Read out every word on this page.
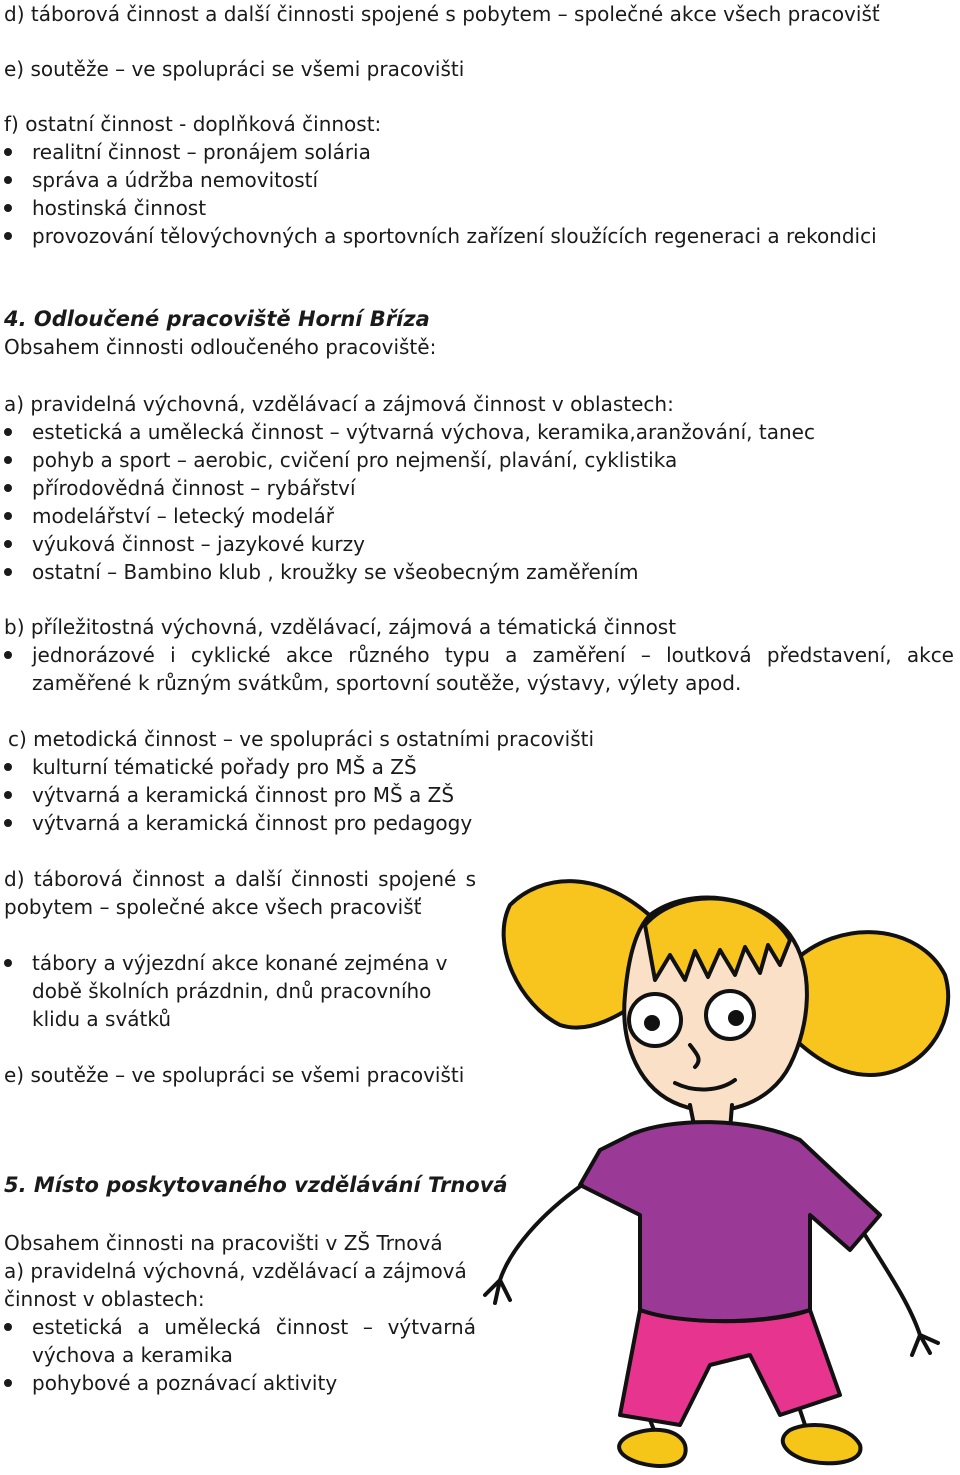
d) táborová činnost a další činnosti spojené s pobytem – společné akce všech pracovišť
e) soutěže – ve spolupráci se všemi pracovišti
f) ostatní činnost - doplňková činnost:
realitní činnost – pronájem solária
správa a údržba nemovitostí
hostinská činnost
provozování tělovýchovných a sportovních zařízení sloužících regeneraci a rekondici
4. Odloučené pracoviště Horní Bříza
Obsahem činnosti odloučeného pracoviště:
a) pravidelná výchovná, vzdělávací a zájmová činnost v oblastech:
estetická a umělecká činnost – výtvarná výchova, keramika,aranžování, tanec
pohyb a sport – aerobic, cvičení pro nejmenší, plavání, cyklistika
přírodovědná činnost – rybářství
modelářství – letecký modelář
výuková činnost – jazykové kurzy
ostatní – Bambino klub , kroužky se všeobecným zaměřením
b) příležitostná výchovná, vzdělávací, zájmová a tématická činnost
jednorázové i cyklické akce různého typu a zaměření – loutková představení, akce
zaměřené k různým svátkům, sportovní soutěže, výstavy, výlety apod.
c) metodická činnost – ve spolupráci s ostatními pracovišti
kulturní tématické pořady pro MŠ a ZŠ
výtvarná a keramická činnost pro MŠ a ZŠ
výtvarná a keramická činnost pro pedagogy
d) táborová činnost a další činnosti spojené s pobytem – společné akce všech pracovišť
tábory a výjezdní akce konané zejména v době školních prázdnin, dnů pracovního klidu a svátků
e) soutěže – ve spolupráci se všemi pracovišti
5. Místo poskytovaného vzdělávání Trnová
Obsahem činnosti na pracovišti v ZŠ Trnová
a) pravidelná výchovná, vzdělávací a zájmová činnost v oblastech:
pohybové a poznávací aktivity
estetická a umělecká činnost – výtvarná výchova a keramika
